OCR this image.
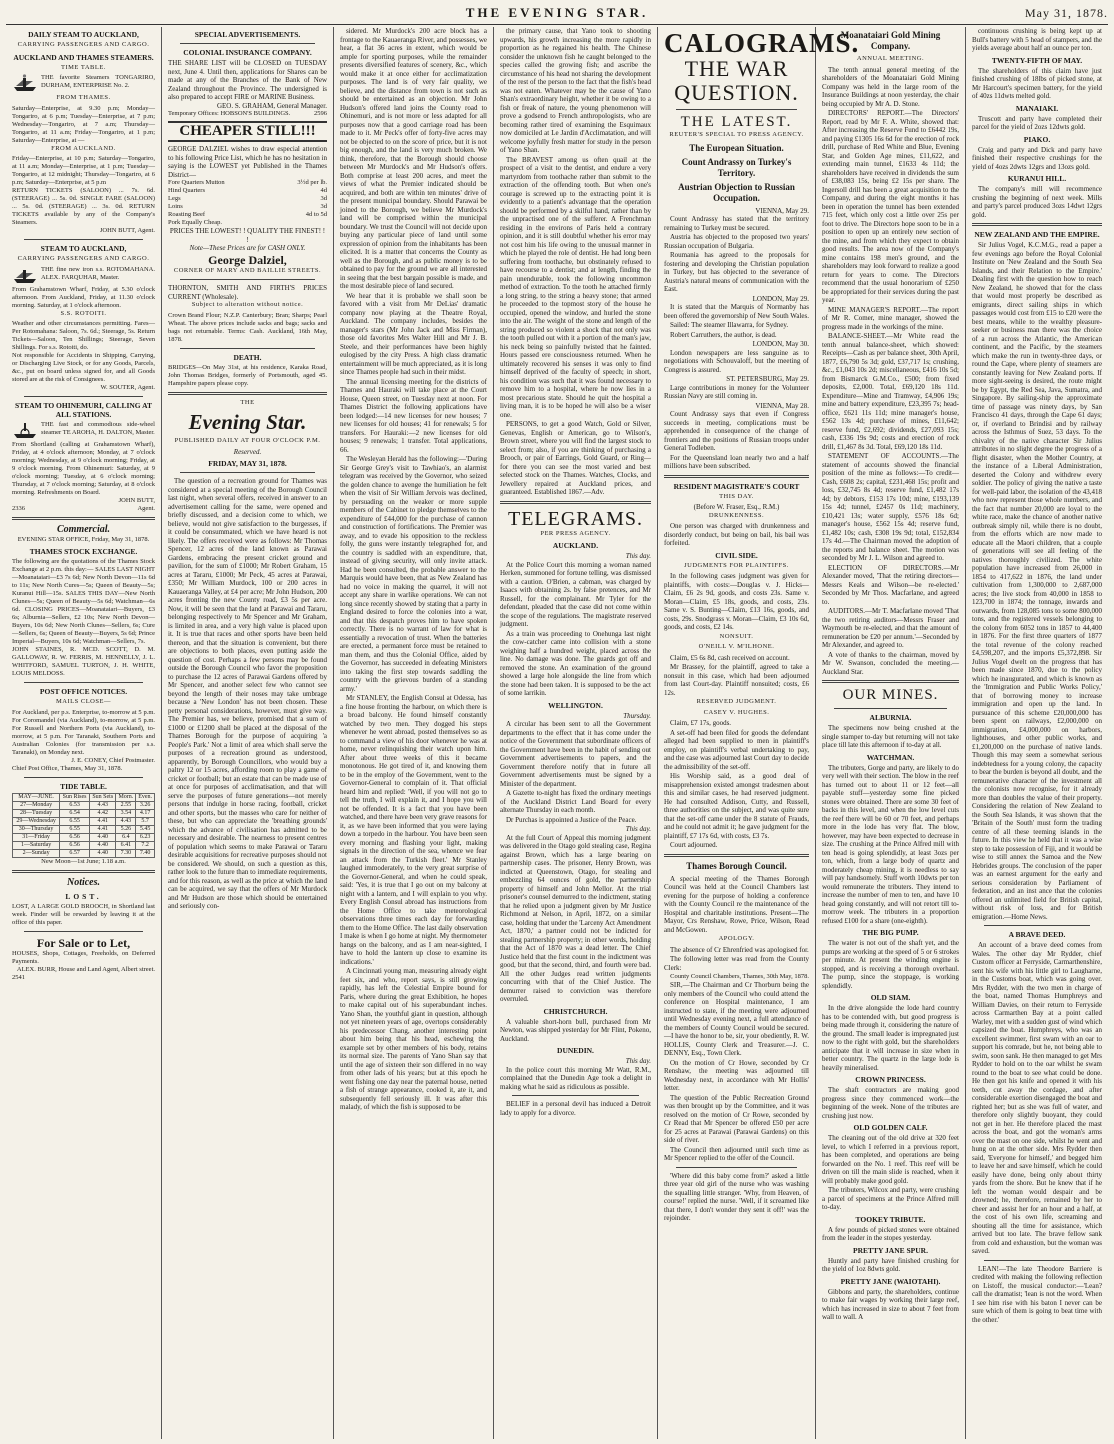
THE EVENING STAR.	May 31, 1878.
DAILY STEAM TO AUCKLAND,
CARRYING PASSENGERS AND CARGO.
AUCKLAND AND THAMES STEAMERS.
TIME TABLE.
THE favorite Steamers TONGARIRO, DURHAM, ENTERPRISE No. 2.
FROM THAMES.
Saturday—Enterprise, at 9.30 p.m; Monday—Tongariro, at 6 p.m; Tuesday—Enterprise, at 7 p.m; Wednesday—Tongariro, at 7 a.m; Thursday—Tongariro, at 11 a.m; Friday—Tongariro, at 1 p.m; Saturday—Enterprise, at —
FROM AUCKLAND.
Friday—Enterprise, at 10 p.m; Saturday—Tongariro, at 11 a.m; Monday—Enterprise, at 1 p.m; Tuesday—Tongariro, at 12 midnight; Thursday—Tongariro, at 6 p.m; Saturday—Enterprise, at 5 p.m
RETURN TICKETS (SALOON) ... 7s. 6d. (STEERAGE) ... 5s. 0d. SINGLE FARE (SALOON) ... 5s. 0d. (STEERAGE) ... 3s. 0d. RETURN TICKETS available by any of the Company's Steamers.
JOHN BUTT, Agent.
STEAM TO AUCKLAND,
CARRYING PASSENGERS AND CARGO.
THE fine new iron s.s. ROTOMAHANA. ALEX. FARQUHAR, Master.
From Grahamstown Wharf, Friday, at 5.30 o'clock afternoon. From Auckland, Friday, at 11.30 o'clock morning. Saturday, at 1 o'clock afternoon.
S.S. ROTOITI.
Weather and other circumstances permitting. Fares—Per Rotomahana: Saloon, 7s. 6d.; Steerage, 5s. Return Tickets—Saloon, Ten Shillings; Steerage, Seven Shillings. For s.s. Rotoiti, do.
Not responsible for Accidents in Shipping, Carrying, or Discharging Live Stock, or for any Goods, Parcels, &c., put on board unless signed for, and all Goods stored are at the risk of Consignees.
W. SOUTER, Agent.
STEAM TO OHINEMURI, CALLING AT ALL STATIONS.
THE fast and commodious side-wheel steamer TE AROHA, H. DALTON, Master.
From Shortland (calling at Grahamstown Wharf), Friday, at 4 o'clock afternoon; Monday, at 7 o'clock morning; Wednesday, at 9 o'clock morning; Friday, at 9 o'clock morning. From Ohinemuri: Saturday, at 9 o'clock morning; Tuesday, at 6 o'clock morning; Thursday, at 7 o'clock morning; Saturday, at 8 o'clock morning. Refreshments on Board.
JOHN BUTT,
2336	Agent.
Commercial.
EVENING STAR OFFICE, Friday, May 31, 1878.
THAMES STOCK EXCHANGE.
The following are the quotations of the Thames Stock Exchange at 2 p.m. this day:— SALES LAST NIGHT—Moanataiari—£3 7s 6d; New North Devon—11s 6d to 11s; New North Cures—5s; Queen of Beauty—5s; Kuranui Hill—15s. SALES THIS DAY—New North Clunes—5s; Queen of Beauty—5s 6d; Watchman—6s 6d. CLOSING PRICES—Moanataiari—Buyers, £3 6s; Alburnia—Sellers, £2 10s; New North Devon—Buyers, 10s 6d; New North Clunes—Sellers, 6s; Cure—Sellers, 6s; Queen of Beauty—Buyers, 5s 6d; Prince Imperial—Buyers, 10s 6d; Watchman—Sellers, 7s.
JOHN STAINES, R. MCD. SCOTT, D. M. GALLOWAY, R. W. FERRIS, M. HENNELLY, J. L. WHITFORD, SAMUEL TURTON, J. H. WHITE, LOUIS MELDOSS.
POST OFFICE NOTICES.
MAILS CLOSE—
For Auckland, per p.s. Enterprise, to-morrow at 5 p.m. For Coromandel (via Auckland), to-morrow, at 5 p.m. For Russell and Northern Ports (via Auckland), to-morrow, at 5 p.m. For Taranaki, Southern Ports and Australian Colonies (for transmission per s.s. Taranaki), on Monday next.
J. E. CONEY, Chief Postmaster.
Chief Post Office, Thames, May 31, 1878.
TIDE TABLE.
MAY—JUNE.	Sun Rises	Sun Sets	Morn.	Even.
27—Monday	6.53	4.43	2.55	3.26
28—Tuesday	6.54	4.42	3.54	4.17
29—Wednesday	6.55	4.41	4.43	5.7
30—Thursday	6.55	4.41	5.26	5.45
31—Friday	6.56	4.40	6.4	6.23
1—Saturday	6.56	4.40	6.41	7.2
2—Sunday	6.57	4.40	7.30	7.40
New Moon—1st June; 1.18 a.m.
Notices.
LOST.
LOST, A LARGE GOLD BROOCH, in Shortland last week. Finder will be rewarded by leaving it at the office of this paper.
For Sale or to Let,
HOUSES, Shops, Cottages, Freeholds, on Deferred Payments.
ALEX. BURR, House and Land Agent, Albert street.
2541
SPECIAL ADVERTISEMENTS.
COLONIAL INSURANCE COMPANY.
THE SHARE LIST will be CLOSED on TUESDAY next, June 4. Until then, applications for Shares can be made at any of the Branches of the Bank of New Zealand throughout the Province. The undersigned is also prepared to accept FIRE or MARINE Business.
GEO. S. GRAHAM, General Manager.
Temporary Offices: HOBSON'S BUILDINGS.	2596
CHEAPER STILL!!!
GEORGE DALZIEL wishes to draw especial attention to his following Price List, which he has no hesitation in saying is the LOWEST yet Published in the Thames District—
Fore Quarters Mutton	3½d per lb.
Hind Quarters	4d
Legs	3d
Loins	3d
Roasting Beef	4d to 5d
Pork Equally Cheap.
PRICES THE LOWEST! ! QUALITY THE FINEST! ! !
Note—These Prices are for CASH ONLY.
George Dalziel,
CORNER OF MARY AND BAILLIE STREETS.
THORNTON, SMITH AND FIRTH'S PRICES CURRENT (Wholesale).
Subject to alteration without notice.
Crown Brand Flour; N.Z.P. Canterbury; Bran; Sharps; Pearl Wheat. The above prices include sacks and bags; sacks and bags not returnable. Terms: Cash. Auckland, 16th May, 1878.
DEATH.
BRIDGES—On May 31st, at his residence, Karaka Road, John Thomas Bridges, formerly of Portsmouth, aged 45. Hampshire papers please copy.
THE
Evening Star.
PUBLISHED DAILY AT FOUR O'CLOCK P.M.
Reserved.
FRIDAY, MAY 31, 1878.

The question of a recreation ground for Thames was considered at a special meeting of the Borough Council last night, when several offers, received in answer to an advertisement calling for the same, were opened and briefly discussed, and a decision come to which, we believe, would not give satisfaction to the burgesses, if it could be consummated, which we have heard is not likely. The offers received were as follows: Mr Thomas Spencer, 12 acres of the land known as Parawai Gardens, embracing the present cricket ground and pavilion, for the sum of £1000; Mr Robert Graham, 15 acres at Tararu, £1000; Mr Peck, 45 acres at Parawai, £350; Mr William Murdock, 100 or 200 acres in Kauaeranga Valley, at £4 per acre; Mr John Hudson, 200 acres fronting the new County road, £3 5s per acre. Now, it will be seen that the land at Parawai and Tararu, belonging respectively to Mr Spencer and Mr Graham, is limited in area, and a very high value is placed upon it. It is true that races and other sports have been held thereon, and that the situation is convenient, but there are objections to both places, even putting aside the question of cost. Perhaps a few persons may be found outside the Borough Council who favor the proposition to purchase the 12 acres of Parawai Gardens offered by Mr Spencer, and another select few who cannot see beyond the length of their noses may take umbrage because a 'New London' has not been chosen. These petty personal considerations, however, must give way. The Premier has, we believe, promised that a sum of £1000 or £1200 shall be placed at the disposal of the Thames Borough for the purpose of acquiring 'a People's Park.' Not a limit of area which shall serve the purposes of a recreation ground as understood, apparently, by Borough Councillors, who would buy a paltry 12 or 15 acres, affording room to play a game of cricket or football; but an estate that can be made use of at once for purposes of acclimatisation, and that will serve the purposes of future generations—not merely persons that indulge in horse racing, football, cricket and other sports, but the masses who care for neither of these, but who can appreciate the 'breathing grounds' which the advance of civilisation has admitted to be necessary and desirable. The nearness to present centres of population which seems to make Parawai or Tararu desirable acquisitions for recreative purposes should not be considered. We should, on such a question as this, rather look to the future than to immediate requirements, and for this reason, as well as the price at which the land can be acquired, we say that the offers of Mr Murdock and Mr Hudson are those which should be entertained and seriously con-

sidered. Mr Murdock's 200 acre block has a frontage to the Kauaeranga River, and possesses, we hear, a flat 36 acres in extent, which would be ample for sporting purposes, while the remainder presents diversified features of scenery, &c., which would make it at once either for acclimatization purposes. The land is of very fair quality, we believe, and the distance from town is not such as should be entertained as an objection. Mr John Hudson's offered land joins the County road to Ohinemuri, and is not more or less adapted for all purposes now that a good carriage road has been made to it. Mr Peck's offer of forty-five acres may not be objected to on the score of price, but it is not big enough, and the land is very much broken. We think, therefore, that the Borough should choose between Mr Murdock's and Mr Hudson's offers. Both comprise at least 200 acres, and meet the views of what the Premier indicated should be acquired, and both are within ten minutes' drive of the present municipal boundary. Should Parawai be joined to the Borough, we believe Mr Murdock's land will be comprised within the municipal boundary. We trust the Council will not decide upon buying any particular piece of land until some expression of opinion from the inhabitants has been elicited. It is a matter that concerns the County as well as the Borough, and as public money is to be obtained to pay for the ground we are all interested in seeing that the best bargain possible is made, and the most desirable piece of land secured.

We hear that it is probable we shall soon be favored with a visit from Mr DeLias' dramatic company now playing at the Theatre Royal, Auckland. The company includes, besides the manager's stars (Mr John Jack and Miss Firman), those old favorites Mrs Walter Hill and Mr J. B. Steele, and their performances have been highly eulogised by the city Press. A high class dramatic entertainment will be much appreciated, as it is long since Thames people had such in their midst.

The annual licensing meeting for the districts of Thames and Hauraki will take place at the Court House, Queen street, on Tuesday next at noon. For Thames District the following applications have been lodged:—14 new licenses for new houses; 7 new licenses for old houses; 41 for renewals; 5 for transfers. For Hauraki:—2 new licenses for old houses; 9 renewals; 1 transfer. Total applications, 66.

The Wesleyan Herald has the following:—'During Sir George Grey's visit to Tawhiao's, an alarmist telegram was received by the Governor, who seized the golden chance to avenge the humiliation he felt when the visit of Sir William Jervois was declined, by persuading on the weaker or more supple members of the Cabinet to pledge themselves to the expenditure of £44,000 for the purchase of cannon and construction of fortifications. The Premier was away, and to evade his opposition to the reckless folly, the guns were instantly telegraphed for, and the country is saddled with an expenditure, that, instead of giving security, will only invite attack. Had he been consulted, the probable answer to the Marquis would have been, that as New Zealand has had no voice in making the quarrel, it will not accept any share in warlike operations. We can not long since recently showed by stating that a party in England desired to force the colonies into a war, and that this despatch proves him to have spoken correctly. There is no warrant of law for what is essentially a revocation of trust. When the batteries are erected, a permanent force must be retained to man them, and thus the Colonial Office, aided by the Governor, has succeeded in defeating Ministers into taking the first step towards saddling the country with the grievous burden of a standing army.'

Mr STANLEY, the English Consul at Odessa, has a fine house fronting the harbour, on which there is a broad balcony. He found himself constantly watched by two men. They dogged his steps whenever he went abroad, posted themselves so as to command a view of his door whenever he was at home, never relinquishing their watch upon him. After about three weeks of this it became monotonous. He got tired of it, and knowing them to be in the employ of the Government, went to the Governor-General to complain of it. That official heard him and replied: 'Well, if you will not go to tell the truth, I will explain it, and I hope you will not be offended. It is a fact that you have been watched, and there have been very grave reasons for it, as we have been informed that you were laying down a torpedo in the harbour. You have been seen every morning and flashing your light, making signals in the direction of the sea, whence we fear an attack from the Turkish fleet.' Mr Stanley laughed immoderately, to the very great surprise of the Governor-General, and when he could speak, said: 'Yes, it is true that I go out on my balcony at night with a lantern, and I will explain to you why. Every English Consul abroad has instructions from the Home Office to take meteorological observations three times each day for forwarding them to the Home Office. The last daily observation I make is when I go home at night. My thermometer hangs on the balcony, and as I am near-sighted, I have to hold the lantern up close to examine its indications.'

A Cincinnati young man, measuring already eight feet six, and who, report says, is still growing rapidly, has left the Celestial Empire bound for Paris, where during the great Exhibition, he hopes to make capital out of his superabundant inches. Yano Shan, the youthful giant in question, although not yet nineteen years of age, overtops considerably his predecessor Chang, another interesting point about him being that his head, eschewing the example set by other members of his body, retains its normal size. The parents of Yano Shan say that until the age of sixteen their son differed in no way from other lads of his years; but at this epoch he went fishing one day near the paternal house, netted a fish of strange appearance, cooked it, ate it, and subsequently fell seriously ill. It was after this malady, of which the fish is supposed to be

the primary cause, that Yano took to shooting upwards, his growth increasing the more rapidly in proportion as he regained his health. The Chinese consider the unknown fish he caught belonged to the species called the growing fish; and ascribe the circumstance of his head not sharing the development of the rest of the person to the fact that the fish's head was not eaten. Whatever may be the cause of Yano Shan's extraordinary height, whether it be owing to a fish or freak of nature, the young phenomenon will prove a godsend to French anthropologists, who are becoming rather tired of examining the Esquimaux now domiciled at Le Jardin d'Acclimatation, and will welcome joyfully fresh matter for study in the person of Yano Shan.

The BRAVEST among us often quail at the prospect of a visit to the dentist, and endure a very martyrdom from toothache rather than submit to the extraction of the offending tooth. But when one's courage is screwed up to the extracting point it is evidently to a patient's advantage that the operation should be performed by a skilful hand, rather than by the unpractised one of the sufferer. A Frenchman residing in the environs of Paris held a contrary opinion, and it is still doubtful whether his error may not cost him his life owing to the unusual manner in which he played the role of dentist. He had long been suffering from toothache, but obstinately refused to have recourse to a dentist; and at length, finding the pain unendurable, took the following uncommon method of extraction. To the tooth he attached firmly a long string, to the string a heavy stone; that armed he proceeded to the topmost story of the house he occupied, opened the window, and hurled the stone into the air. The weight of the stone and length of the string produced so violent a shock that not only was the tooth pulled out with it a portion of the man's jaw, his neck being so painfully twisted that he fainted. Hours passed ere consciousness returned. When he ultimately recovered his senses it was only to find himself deprived of the faculty of speech; in short, his condition was such that it was found necessary to remove him to a hospital, where he now lies in a most precarious state. Should he quit the hospital a living man, it is to be hoped he will also be a wiser one.

PERSONS, to get a good Watch, Gold or Silver, Genevas, English or American, go to Wilson's, Brown street, where you will find the largest stock to select from; also, if you are thinking of purchasing a Brooch, or pair of Earrings, Gold Guard, or Ring—for there you can see the most varied and best selected stock on the Thames. Watches, Clocks, and Jewellery repaired at Auckland prices, and guaranteed. Established 1867.—Adv.

TELEGRAMS.
PER PRESS AGENCY.
AUCKLAND.
This day.

At the Police Court this morning a woman named Herken, summoned for fortune telling, was dismissed with a caution. O'Brien, a cabman, was charged by Isaacs with obtaining 2s. by false pretences, and Mr Russell, for the complainant. Mr Tyler for the defendant, pleaded that the case did not come within the scope of the regulations. The magistrate reserved judgment.

As a train was proceeding to Onehunga last night the cow-catcher came into collision with a stone weighing half a hundred weight, placed across the line. No damage was done. The guards got off and removed the stone. An examination of the ground showed a large hole alongside the line from which the stone had been taken. It is supposed to be the act of some larrikin.

WELLINGTON.
Thursday.

A circular has been sent to all the Government departments to the effect that it has come under the notice of the Government that subordinate officers of the Government have been in the habit of sending out Government advertisements to papers, and the Government therefore notify that in future all Government advertisements must be signed by a Minister of the department.

A Gazette to-night has fixed the ordinary meetings of the Auckland District Land Board for every alternate Thursday in each month.

Dr Purchas is appointed a Justice of the Peace.

This day.

At the full Court of Appeal this morning judgment was delivered in the Otago gold stealing case, Regina against Brown, which has a large bearing on partnership cases. The prisoner, Henry Brown, was indicted at Queenstown, Otago, for stealing and embezzling 64 ounces of gold, the partnership property of himself and John Mellor. At the trial prisoner's counsel demurred to the indictment, stating that he relied upon a judgment given by Mr Justice Richmond at Nelson, in April, 1872, on a similar case, holding that under the 'Larceny Act Amendment Act, 1870,' a partner could not be indicted for stealing partnership property; in other words, holding that the Act of 1870 was a dead letter. The Chief Justice held that the first count in the indictment was good, but that the second, third, and fourth were bad. All the other Judges read written judgments concurring with that of the Chief Justice. The demurrer raised to conviction was therefore overruled.

CHRISTCHURCH.

A valuable short-horn bull, purchased from Mr Newton, was shipped yesterday for Mr Flint, Pokeno, Auckland.

DUNEDIN.
This day.

In the police court this morning Mr Watt, R.M., complained that the Dunedin Age took a delight in making what he said as ridiculous as possible.

BELIEF in a personal devil has induced a Detroit lady to apply for a divorce.

CALOGRAMS.
THE WAR QUESTION.
THE LATEST.
REUTER'S SPECIAL TO PRESS AGENCY.
The European Situation.
Count Andrassy on Turkey's Territory.
Austrian Objection to Russian Occupation.
VIENNA, May 29.

Count Andrassy has stated that the territory remaining to Turkey must be secured.

Austria has objected to the proposed two years' Russian occupation of Bulgaria.

Roumania has agreed to the proposals for fostering and developing the Christian population in Turkey, but has objected to the severance of Austria's natural means of communication with the East.

LONDON, May 29.

It is stated that the Marquis of Normanby has been offered the governorship of New South Wales.

Sailed: The steamer Illawarra, for Sydney.

Robert Carruthers, the author, is dead.

LONDON, May 30.

London newspapers are less sanguine as to negotiations with Schouvaloff, but the meeting of Congress is assured.

ST. PETERSBURG, May 29.

Large contributions in money for the Volunteer Russian Navy are still coming in.

VIENNA, May 28.

Count Andrassy says that even if Congress succeeds in meeting, complications must be apprehended in consequence of the change of frontiers and the positions of Russian troops under General Todleben.

For the Queensland loan nearly two and a half millions have been subscribed.

RESIDENT MAGISTRATE'S COURT
THIS DAY.
(Before W. Fraser, Esq., R.M.)
DRUNKENNESS.

One person was charged with drunkenness and disorderly conduct, but being on bail, his bail was forfeited.

CIVIL SIDE.
JUDGMENTS FOR PLAINTIFFS.

In the following cases judgment was given for plaintiffs, with costs:—Douglas v. J. Hicks—Claim, £6 2s 9d, goods, and costs 23s. Same v. Moran—Claim, £5 18s, goods, and costs, 23s. Same v. S. Bunting—Claim, £13 16s, goods, and costs, 29s. Snodgrass v. Moran—Claim, £3 10s 6d, goods, and costs, £2 14s.

NONSUIT.
O'NEILL V. M'ILHONE.

Claim, £5 6s 8d, cash received on account.

Mr Brassey, for the plaintiff, agreed to take a nonsuit in this case, which had been adjourned from last Court-day. Plaintiff nonsuited; costs, £6 12s.

RESERVED JUDGMENT.
CASEY V. HUGHES.

Claim, £7 17s, goods.

A set-off had been filed for goods the defendant alleged had been supplied to men in plaintiff's employ, on plaintiff's verbal undertaking to pay, and the case was adjourned last Court day to decide the admissibility of the set-off.

His Worship said, as a good deal of misapprehension existed amongst tradesmen about this and similar cases, he had reserved judgment. He had consulted Addison, Cutty, and Russell, three authorities on the subject, and was quite sure that the set-off came under the 8 statute of Frauds, and he could not admit it; he gave judgment for the plaintiff, £7 17s 6d, with costs, £3 7s.

Court adjourned.

Thames Borough Council.

A special meeting of the Thames Borough Council was held at the Council Chambers last evening for the purpose of holding a conference with the County Council re the maintenance of the Hospital and charitable institutions. Present—The Mayor, Crs Renshaw, Rowe, Price, Wilson, Read and McGowen.

APOLOGY.

The absence of Cr Ehrenfried was apologised for.

The following letter was read from the County Clerk:

County Council Chambers, Thames, 30th May, 1878.

SIR,—The Chairman and Cr Thorburn being the only members of the Council who could attend the conference on Hospital maintenance, I am instructed to state, if the meeting were adjourned until Wednesday evening next, a full attendance of the members of County Council would be secured.—I have the honor to be, sir, your obediently, R. W. HOLLIS, County Clerk and Treasurer.—J. C. DENNY, Esq., Town Clerk.

On the motion of Cr Howe, seconded by Cr Renshaw, the meeting was adjourned till Wednesday next, in accordance with Mr Hollis' letter.

The question of the Public Recreation Ground was then brought up by the Committee, and it was resolved on the motion of Cr Rowe, seconded by Cr Read that Mr Spencer be offered £50 per acre for 25 acres at Parawai (Parawai Gardens) on this side of river.

The Council then adjourned until such time as Mr Spencer replied to the offer of the Council.

'Where did this baby come from?' asked a little three year old girl of the nurse who was washing the squalling little stranger. 'Why, from Heaven, of course!' replied the nurse. 'Well, if it screamed like that there, I don't wonder they sent it off!' was the rejoinder.

Moanataiari Gold Mining Company.
ANNUAL MEETING.

The tenth annual general meeting of the shareholders of the Moanataiari Gold Mining Company was held in the large room of the Insurance Buildings at noon yesterday, the chair being occupied by Mr A. D. Stone.

DIRECTORS' REPORT.—The Directors' Report, read by Mr F. A. White, showed that: After increasing the Reserve Fund to £6442 19s, and paying £1305 16s 6d for the erection of rock drill, purchase of Red White and Blue, Evening Star, and Golden Age mines, £11,622, and extending main tunnel, £1633 4s 11d; the shareholders have received in dividends the sum of £38,083 15s, being £2 15s per share. The Ingersoll drill has been a great acquisition to the Company, and during the eight months it has been in operation the tunnel has been extended 715 feet, which only cost a little over 25s per foot to drive. The Directors hope soon to be in a position to open up an entirely new section of the mine, and from which they expect to obtain good results. The area now of the Company's mine contains 198 men's ground, and the shareholders may look forward to realize a good return for years to come. The Directors recommend that the usual honorarium of £250 be appropriated for their services during the past year.

MINE MANAGER'S REPORT.—The report of Mr R. Comer, mine manager, showed the progress made in the workings of the mine.

BALANCE-SHEET.—Mr White read the tenth annual balance-sheet, which showed: Receipts—Cash as per balance sheet, 30th April, 1877, £6,790 5s 3d; gold, £37,717 1s; crushing, &c., £1,043 10s 2d; miscellaneous, £416 10s 5d; from Bismarck G.M.Co., £500; from fixed deposits, £2,000. Total, £69,120 18s 11d. Expenditure—Mine and Tramway, £4,906 19s; mine and battery expenditure, £23,395 7s; head-office, £621 11s 11d; mine manager's house, £562 13s 4d; purchase of mines, £11,642; reserve fund, £2,692; dividends, £27,093 15s; cash, £336 19s 9d; costs and erection of rock drill, £1,467 8s 3d. Total, £69,120 18s 11d.

STATEMENT OF ACCOUNTS.—The statement of accounts showed the financial position of the mine as follows:—To credit—Cash, £608 2s; capital, £231,468 15s; profit and loss, £32,745 8s 4d; reserve fund, £1,482 17s 4d; by debtors, £153 17s 10d; mine, £193,139 15s 4d; tunnel, £2457 0s 11d; machinery, £10,421 13s; water supply, £576 18s 6d; manager's house, £562 15s 4d; reserve fund, £1,482 10s; cash, £308 19s 9d; total, £152,834 17s 4d.—The Chairman moved the adoption of the reports and balance sheet. The motion was seconded by Mr J. L. Wilson and agreed to.

ELECTION OF DIRECTORS.—Mr Alexander moved, 'That the retiring directors—Messrs Keals and Wilson—be re-elected.' Seconded by Mr Thos. Macfarlane, and agreed to.

AUDITORS.—Mr T. Macfarlane moved 'That the two retiring auditors—Messrs Fraser and Waymouth be re-elected, and that the amount of remuneration be £20 per annum.'—Seconded by Mr Alexander, and agreed to.

A vote of thanks to the chairman, moved by Mr W. Swanson, concluded the meeting.—Auckland Star.

OUR MINES.
ALBURNIA.

The specimens now being crushed at the single stamper to-day but returning will not take place till late this afternoon if to-day at all.

WATCHMAN.

The tributers, Gorge and party, are likely to do very well with their section. The blow in the reef has turned out to about 11 or 12 feet—all payable stuff—yesterday some fine picked stones were obtained. There are some 30 feet of backs in this level, and when the low level cuts the reef there will be 60 or 70 feet, and perhaps more in the lode has very flat. The blow, however, may have been expected to decrease in size. The crushing at the Prince Alfred mill with ten head is going splendidly, at least 3ozs per ton, which, from a large body of quartz and moderately cheap mining, it is needless to say will pay handsomely. Stuff worth 10dwts per ton would remunerate the tributers. They intend to increase the number of men to ten, and have 10 head going constantly, and will not retort till to-morrow week. The tributers in a proportion refused £100 for a share (one-eighth).

THE BIG PUMP.

The water is not out of the shaft yet, and the pumps are working at the speed of 5 or 6 strokes per minute. At present the winding engine is stopped, and is receiving a thorough overhaul. The pump, since the stoppage, is working splendidly.

OLD SIAM.

In the drive alongside the lode hard country has to be contended with, but good progress is being made through it, considering the nature of the ground. The small leader is impregnated just now to the right with gold, but the shareholders anticipate that it will increase in size when in better country. The quartz in the large lode is heavily mineralised.

CROWN PRINCESS.

The shaft contractors are making good progress since they commenced work—the beginning of the week. None of the tributes are crushing just now.

OLD GOLDEN CALF.

The cleaning out of the old drive at 320 feet level, to which I referred in a previous report, has been completed, and operations are being forwarded on the No. 1 reef. This reef will be driven on till the main slide is reached, when it will probably make good gold.

The tributers, Wilcox and party, were crushing a parcel of specimens at the Prince Alfred mill to-day.

TOOKEY TRIBUTE.

A few pounds of picked stones were obtained from the leader in the stopes yesterday.

PRETTY JANE SPUR.

Huntly and party have finished crushing for the yield of 1oz 8dwts gold.

PRETTY JANE (WAIOTAHI).

Gibbons and party, the shareholders, continue to make fair wages by working their large reef, which has increased in size to about 7 feet from wall to wall. A

continuous crushing is being kept up at Bull's battery with 5 head of stampers, and the yields average about half an ounce per ton.

TWENTY-FIFTH OF MAY.

The shareholders of this claim have just finished crushing of 18lbs of picked stone, at Mr Harcourt's specimen battery, for the yield of 40zs 11dwts melted gold.

MANAIAKI.

Truscott and party have completed their parcel for the yield of 2ozs 12dwts gold.

PIAKO.

Craig and party and Dick and party have finished their respective crushings for the yield of 4ozs 2dwts 12grs and 13ozs gold.

KURANUI HILL.

The company's mill will recommence crushing the beginning of next week. Mills and party's parcel produced 3ozs 14dwt 12grs gold.

NEW ZEALAND AND THE EMPIRE.

Sir Julius Vogel, K.C.M.G., read a paper a few evenings ago before the Royal Colonial Institute on 'New Zealand and the South Sea Islands, and their Relation to the Empire.' Dealing first with the question how to reach New Zealand, he showed that for the class that would most properly be described as emigrants, direct sailing ships in which passages would cost from £15 to £20 were the best means, while to the wealthy pleasure-seeker or business man there was the choice of a run across the Atlantic, the American continent, and the Pacific, by the steamers which make the run in twenty-three days, or round the Cape, where plenty of steamers are constantly leaving for New Zealand ports. If more sight-seeing is desired, the route might be by Egypt, the Red Sea, Java, Sumatra, and Singapore. By sailing-ship the approximate time of passage was ninety days, by San Francisco 41 days, through the Cape 61 days; or, if overland to Brindisi and by railway across the Isthmus of Suez, 53 days. To the chivalry of the native character Sir Julius attributes in no slight degree the progress of a flight disaster, when the Mother Country, at the instance of a Liberal Administration, deserted the Colony and withdrew every soldier. The policy of giving the native a taste for well-paid labor, the isolation of the 43,418 who now represent those whole numbers, and the fact that number 20,000 are loyal to the white race, make the chance of another native outbreak simply nil, while there is no doubt, from the efforts which are now made to educate all the Maori children, that a couple of generations will see all feeling of the natives thoroughly civilized. The white population have increased from 26,000 in 1854 to 417,622 in 1876, the land under cultivation from 1,300,000 to 2,687,000 acres; the live stock from 40,000 in 1858 to 123,700 in 1874; the tonnage, inwards and outwards, from 128,085 tons to some 800,000 tons, and the registered vessels belonging to the colony from 6052 tons in 1857 to 44,400 in 1876. For the first three quarters of 1877 the total revenue of the colony reached £4,598,207, and the imports £5,372,898. Sir Julius Vogel dwelt on the progress that has been made since 1870, due to the policy which he inaugurated, and which is known as the 'Immigration and Public Works Policy,' that of borrowing money to increase immigration and open up the land. In pursuance of this scheme £20,000,000 has been spent on railways, £2,000,000 on immigration, £4,000,000 on harbors, lighthouses, and other public works, and £1,200,000 on the purchase of native lands. Though this may seem a somewhat serious indebtedness for a young colony, the capacity to bear the burden is beyond all doubt, and the remunerative character of the investment all the colonists now recognise, for it already more than doubles the value of their property. Considering the relation of New Zealand to the South Sea Islands, it was shown that the 'Britain of the South' must form the trading centre of all these teeming islands in the future. In this view he held that it was a wise step to take possession of Fiji, and it would be wise to still annex the Samoa and the New Hebrides groups. The conclusion of the paper was an earnest argument for the early and serious consideration by Parliament of federation, and an inst ance that the colonies offered an unlimited field for British capital, without risk of loss, and for British emigration.—Home News.

A BRAVE DEED.

An account of a brave deed comes from Wales. The other day Mr Rydder, chief Custom officer at Ferryside, Carmarthenshire, sent his wife with his little girl to Laugharne, in the Customs boat, which was going over. Mrs Rydder, with the two men in charge of the boat, named Thomas Humphreys and William Davies, on their return to Ferryside across Carmarthen Bay at a point called Warley, met with a sudden gust of wind which capsized the boat. Humphreys, who was an excellent swimmer, first swam with an oar to support his comrade, but he, not being able to swim, soon sank. He then managed to get Mrs Rydder to hold on to the oar whilst he swam round to the boat to see what could be done. He then got his knife and opened it with his teeth, cut away the cordage, and after considerable exertion disengaged the boat and righted her; but as she was full of water, and therefore only slightly buoyant, they could not get in her. He therefore placed the mast across the boat, and got the woman's arms over the mast on one side, whilst he went and hung on at the other side. Mrs Rydder then said, 'Everyone for himself,' and begged him to leave her and save himself, which he could easily have done, being only about thirty yards from the shore. But he knew that if he left the woman would despair and be drowned; he, therefore, remained by her to cheer and assist her for an hour and a half, at the cost of his own life, screaming and shouting all the time for assistance, which arrived but too late. The brave fellow sank from cold and exhaustion, but the woman was saved.

LEAN!—The late Theodore Barriere is credited with making the following reflection on Listoff, the musical conductor:—'Lean? call the dramatist; 'lean is not the word. When I see him rise with his baton I never can be sure which of them is going to beat time with the other.'
